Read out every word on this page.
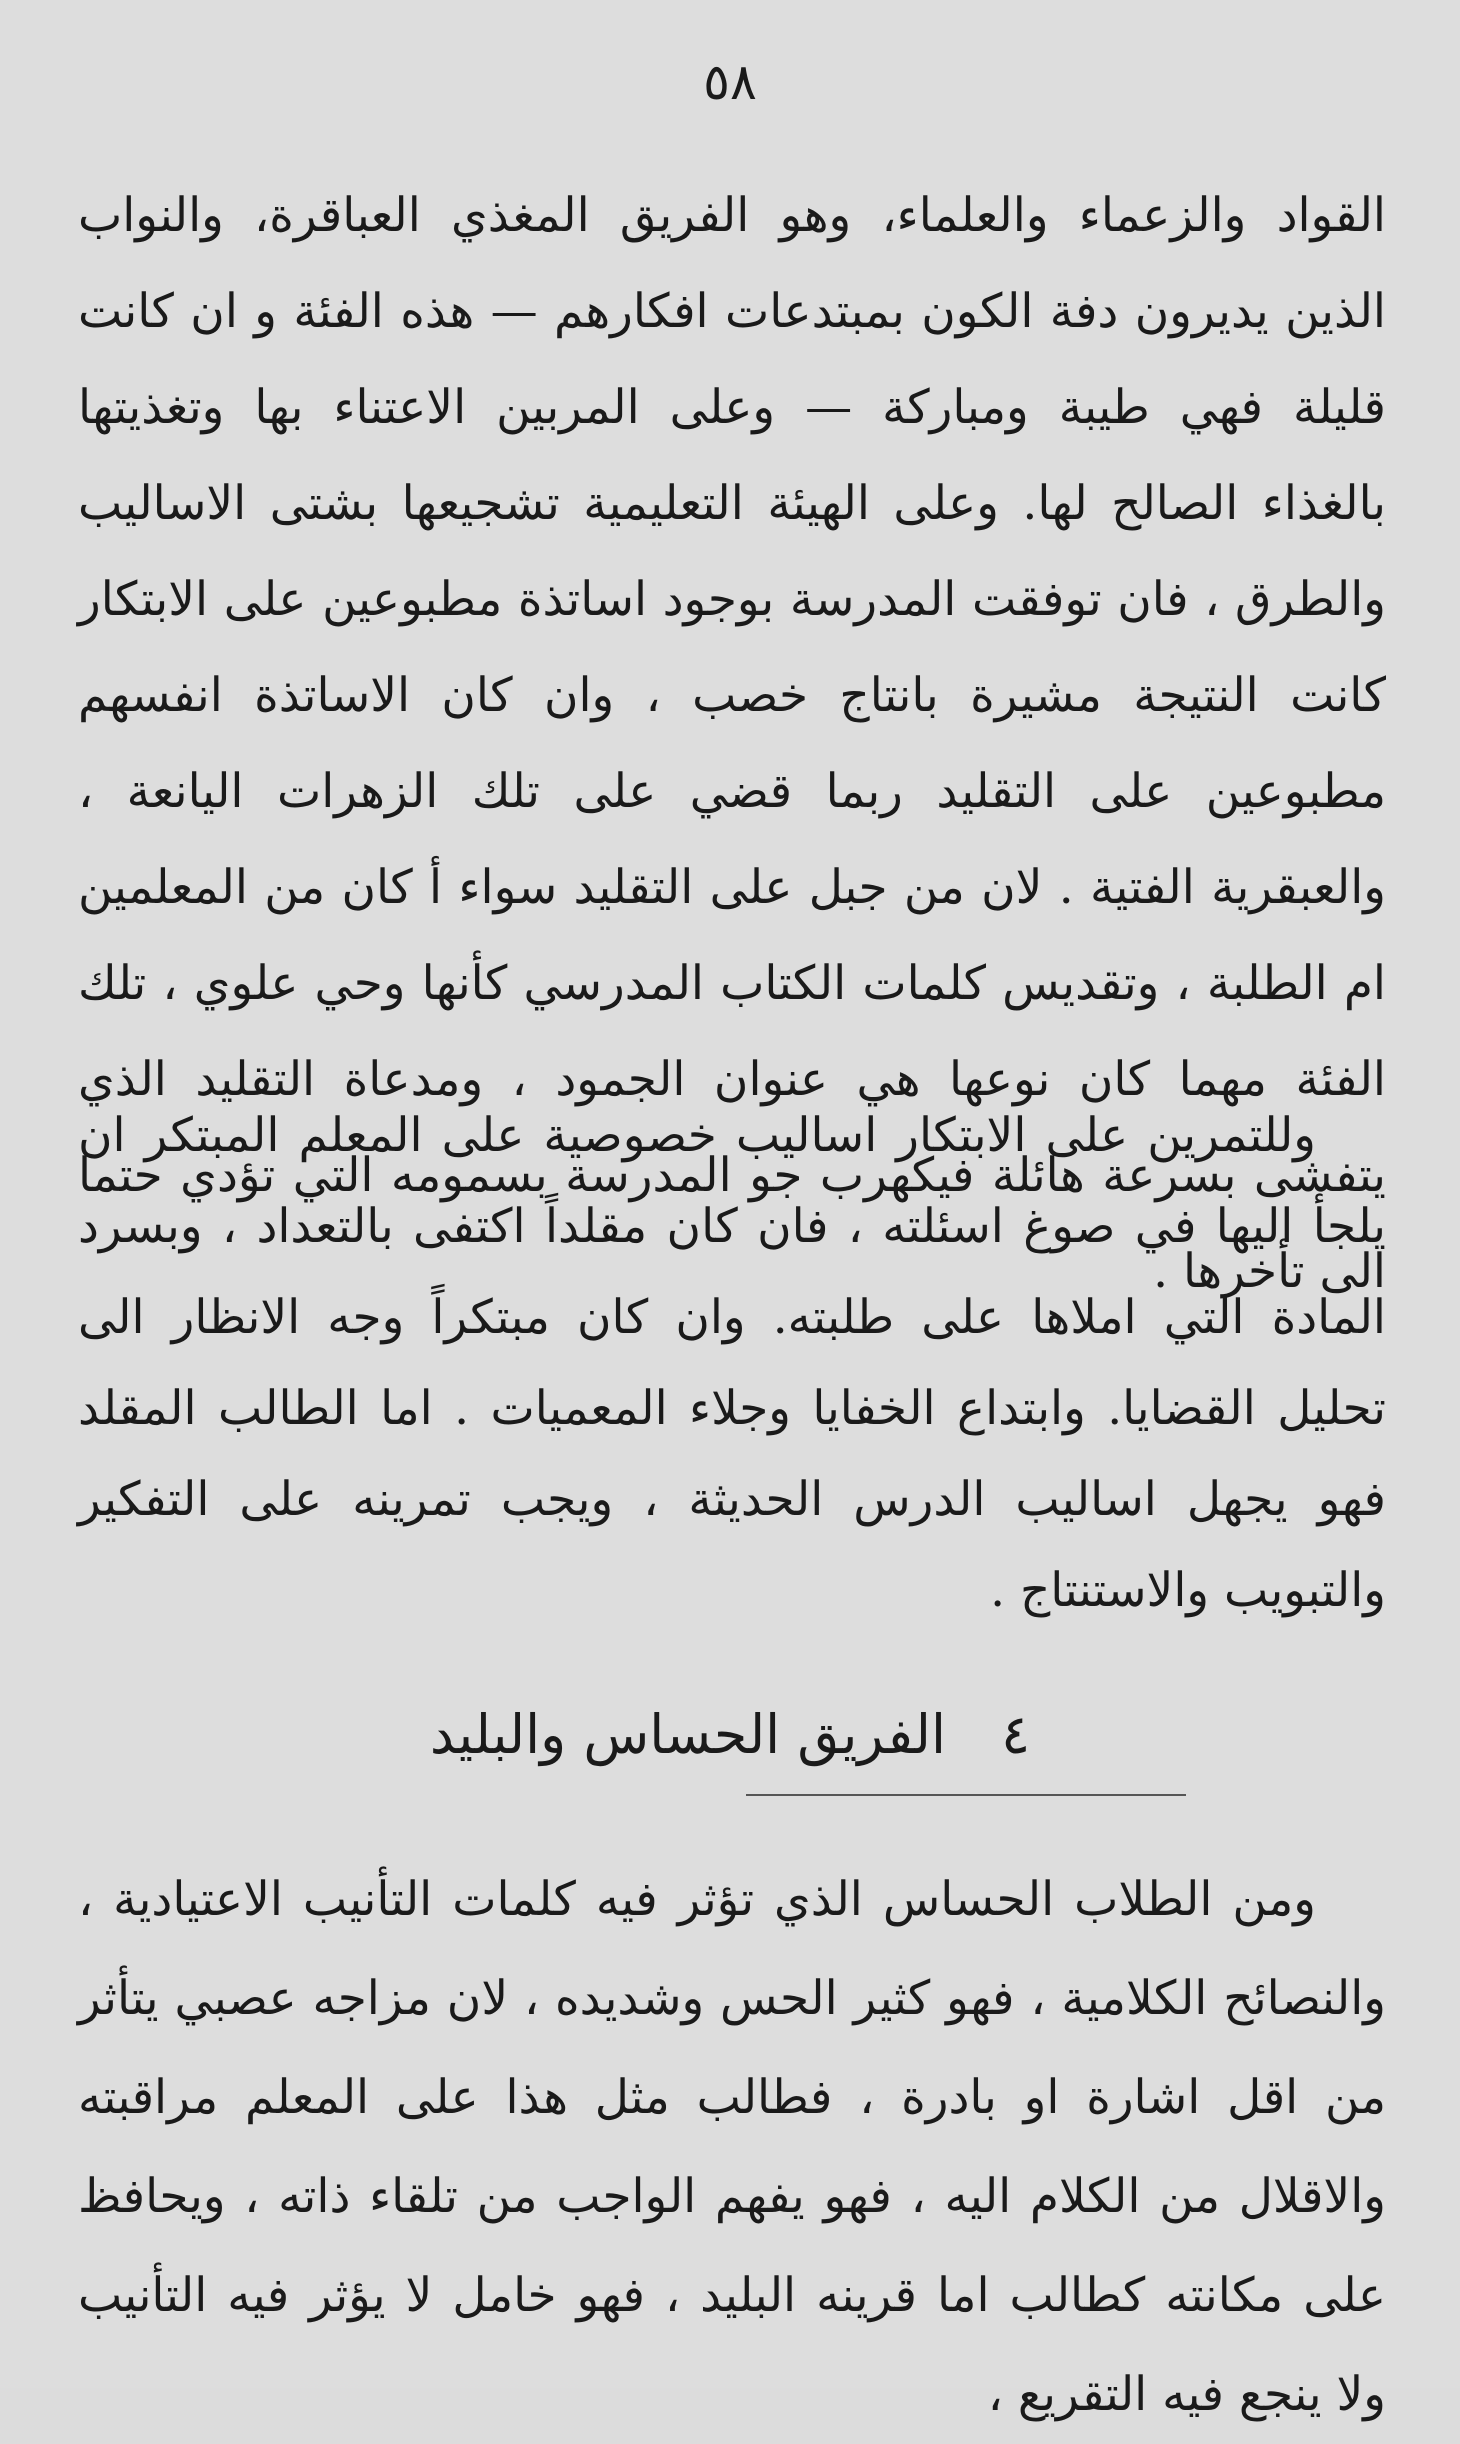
٥٨

القواد والزعماء والعلماء، وهو الفريق المغذي العباقرة، والنواب الذين يديرون دفة الكون بمبتدعات افكارهم — هذه الفئة و ان كانت قليلة فهي طيبة ومباركة — وعلى المربين الاعتناء بها وتغذيتها بالغذاء الصالح لها. وعلى الهيئة التعليمية تشجيعها بشتى الاساليب والطرق ، فان توفقت المدرسة بوجود اساتذة مطبوعين على الابتكار كانت النتيجة مشيرة بانتاج خصب ، وان كان الاساتذة انفسهم مطبوعين على التقليد ربما قضي على تلك الزهرات اليانعة ، والعبقرية الفتية . لان من جبل على التقليد سواء أ كان من المعلمين ام الطلبة ، وتقديس كلمات الكتاب المدرسي كأنها وحي علوي ، تلك الفئة مهما كان نوعها هي عنوان الجمود ، ومدعاة التقليد الذي يتفشى بسرعة هائلة فيكهرب جو المدرسة بسمومه التي تؤدي حتما الى تأخرها .

وللتمرين على الابتكار اساليب خصوصية على المعلم المبتكر ان يلجأ اليها في صوغ اسئلته ، فان كان مقلداً اكتفى بالتعداد ، وبسرد المادة التي املاها على طلبته. وان كان مبتكراً وجه الانظار الى تحليل القضايا. وابتداع الخفايا وجلاء المعميات . اما الطالب المقلد فهو يجهل اساليب الدرس الحديثة ، ويجب تمرينه على التفكير والتبويب والاستنتاج .

٤ الفريق الحساس والبليد

ومن الطلاب الحساس الذي تؤثر فيه كلمات التأنيب الاعتيادية ، والنصائح الكلامية ، فهو كثير الحس وشديده ، لان مزاجه عصبي يتأثر من اقل اشارة او بادرة ، فطالب مثل هذا على المعلم مراقبته والاقلال من الكلام اليه ، فهو يفهم الواجب من تلقاء ذاته ، ويحافظ على مكانته كطالب اما قرينه البليد ، فهو خامل لا يؤثر فيه التأنيب ولا ينجع فيه التقريع ،
